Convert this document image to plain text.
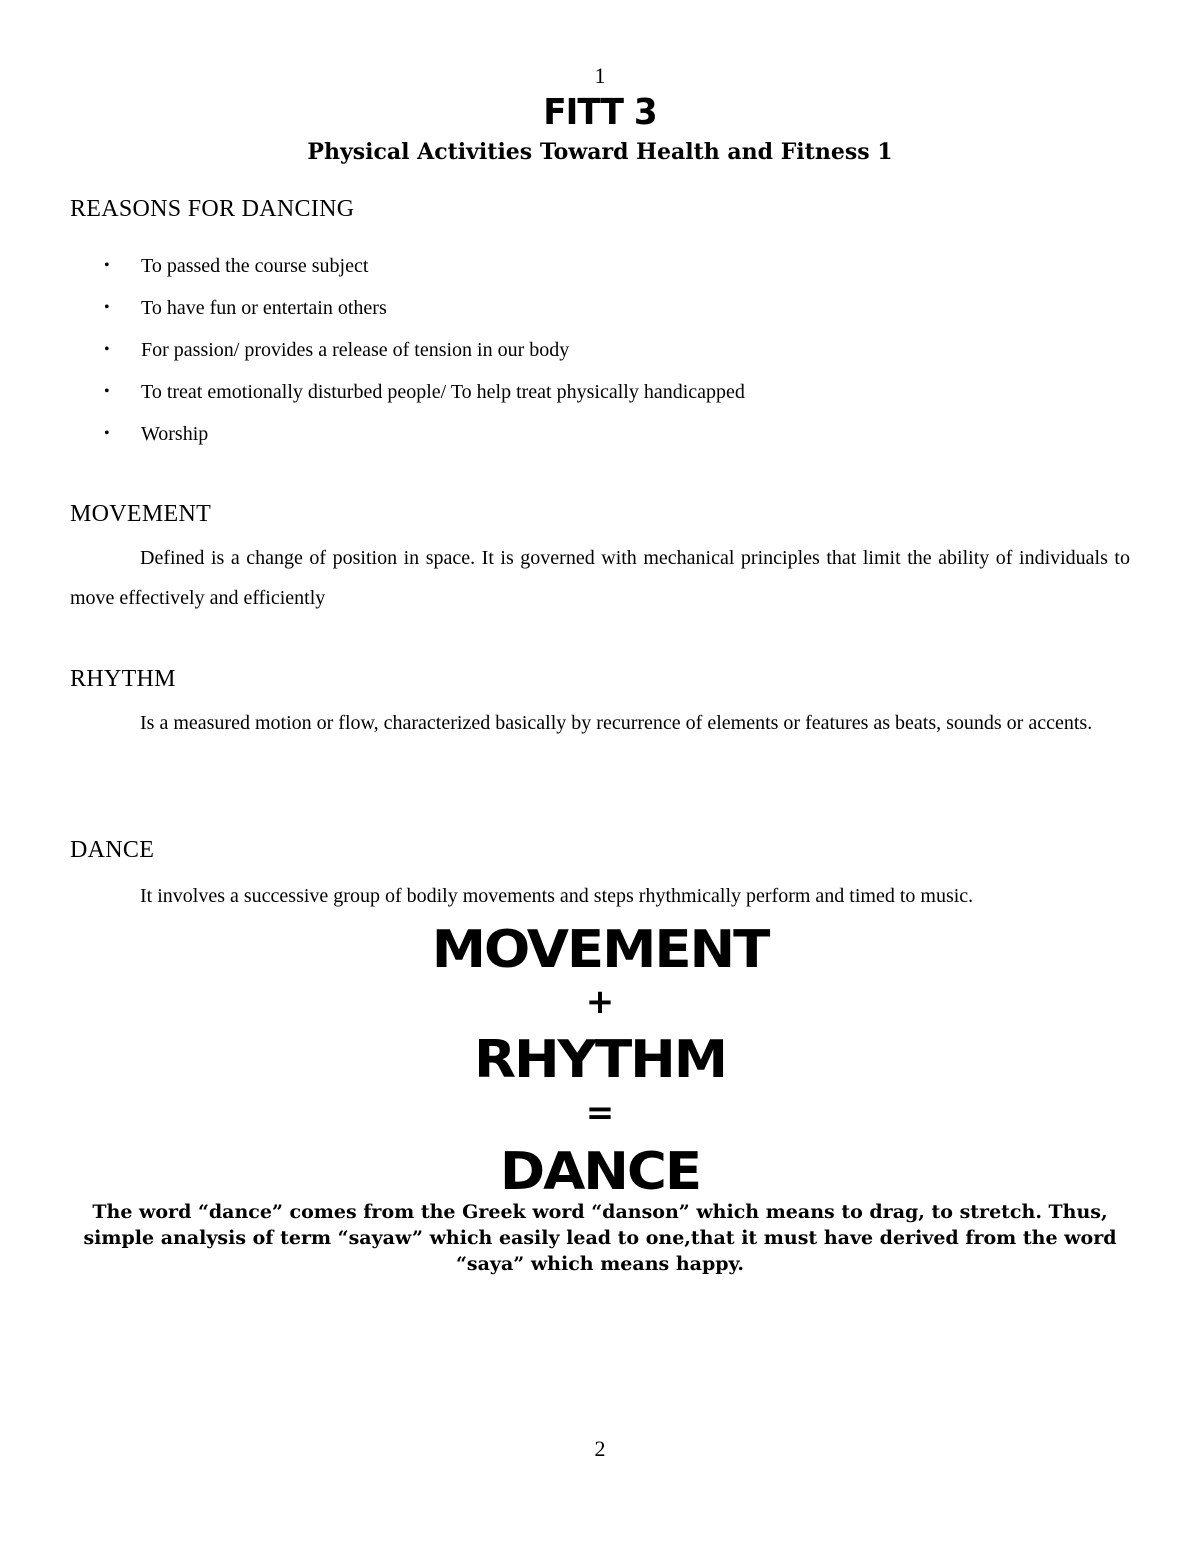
1
FITT 3
Physical Activities Toward Health and Fitness 1
REASONS FOR DANCING
• To passed the course subject
• To have fun or entertain others
• For passion/ provides a release of tension in our body
• To treat emotionally disturbed people/ To help treat physically handicapped
• Worship
MOVEMENT
Defined is a change of position in space. It is governed with mechanical principles that limit the ability of individuals to move effectively and efficiently
RHYTHM
Is a measured motion or flow, characterized basically by recurrence of elements or features as beats, sounds or accents.
DANCE
It involves a successive group of bodily movements and steps rhythmically perform and timed to music.
MOVEMENT
+
RHYTHM
=
DANCE
The word “dance” comes from the Greek word “danson” which means to drag, to stretch. Thus, simple analysis of term “sayaw” which easily lead to one,that it must have derived from the word “saya” which means happy.
2
